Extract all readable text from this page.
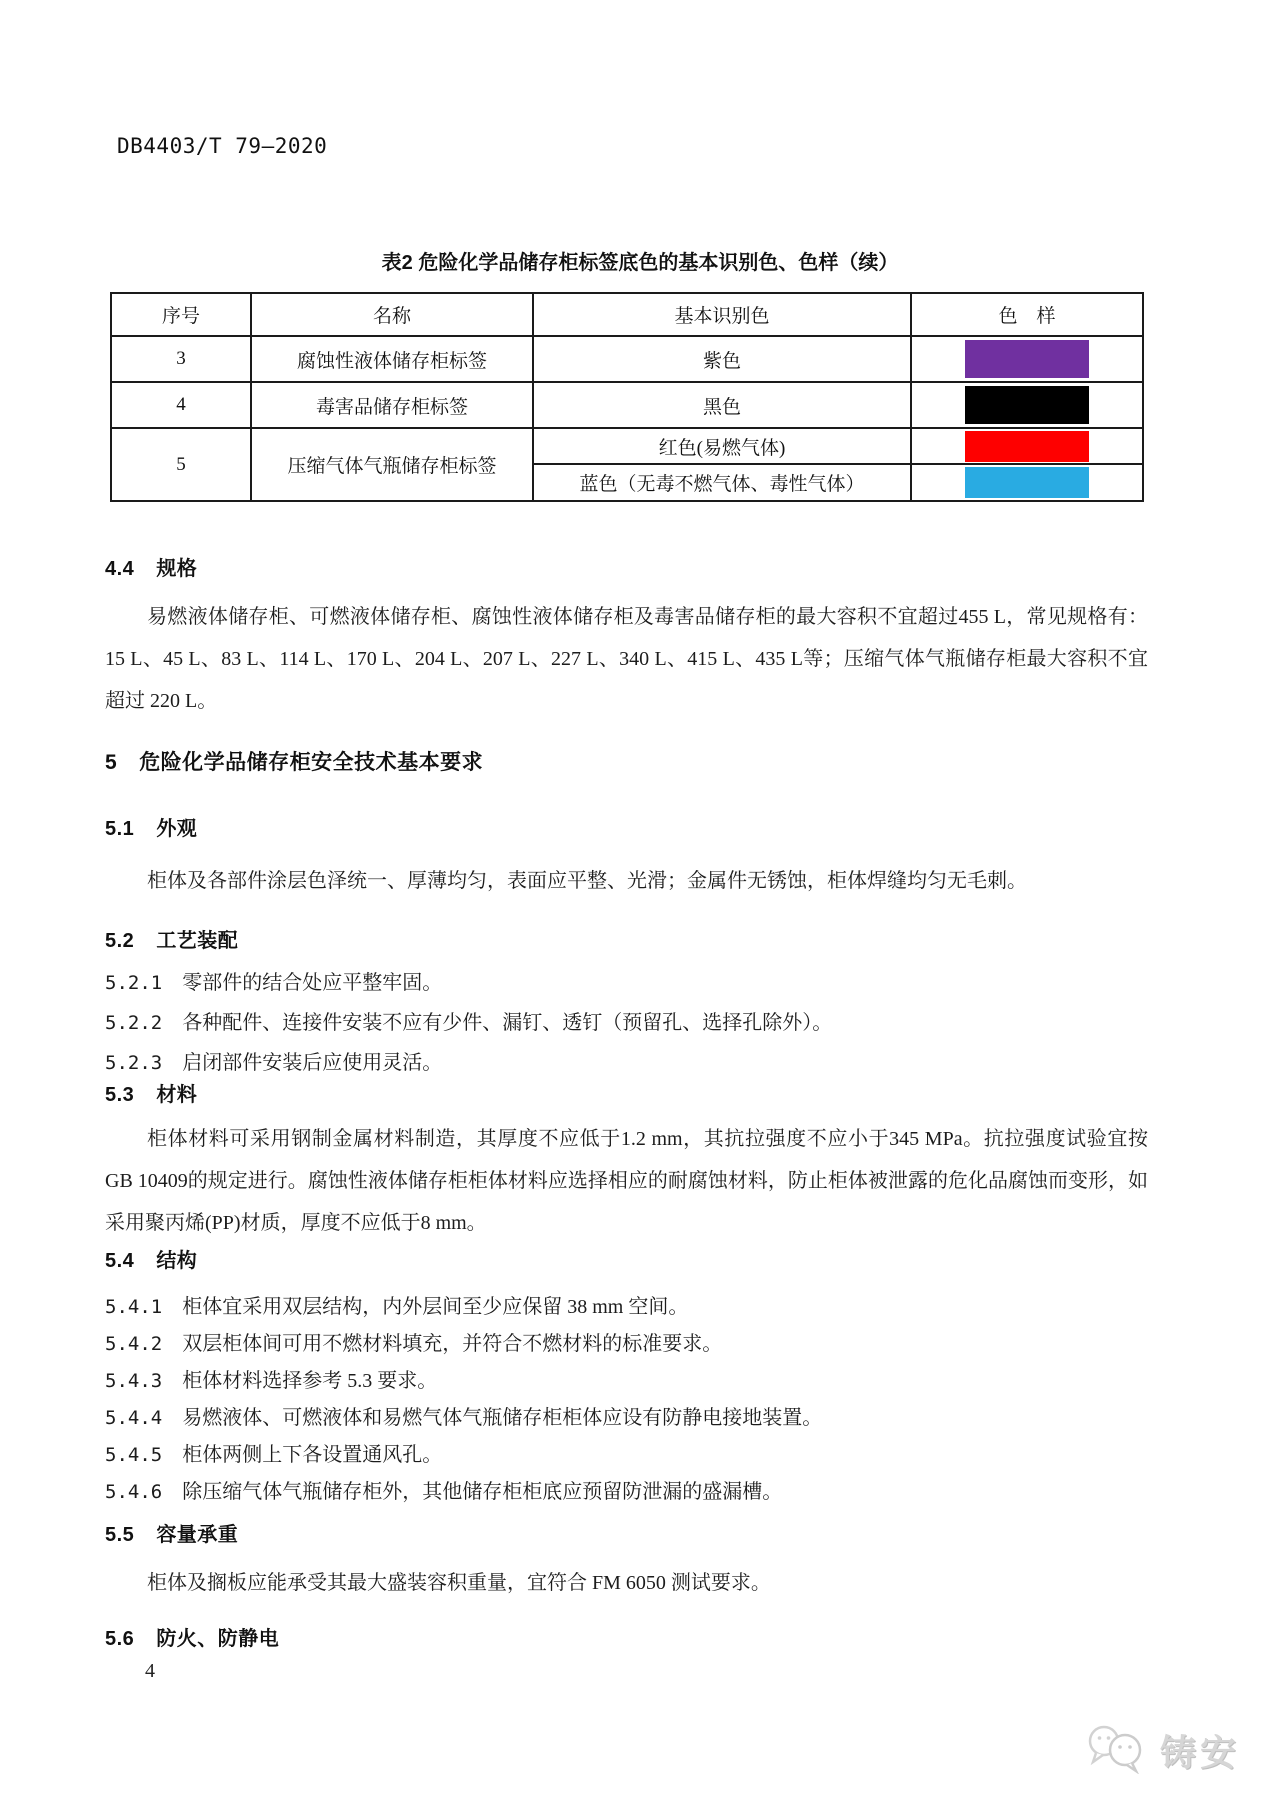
DB4403/T 79—2020
表2 危险化学品储存柜标签底色的基本识别色、色样（续）
序号	名称	基本识别色	色　样
3	腐蚀性液体储存柜标签	紫色	

4	毒害品储存柜标签	黑色	

5	压缩气体气瓶储存柜标签	红色(易燃气体)	

		蓝色（无毒不燃气体、毒性气体）	
4.4 规格
易燃液体储存柜、可燃液体储存柜、腐蚀性液体储存柜及毒害品储存柜的最大容积不宜超过455 L，常见规格有：15 L、45 L、83 L、114 L、170 L、204 L、207 L、227 L、340 L、415 L、435 L等；压缩气体气瓶储存柜最大容积不宜超过 220 L。
5 危险化学品储存柜安全技术基本要求
5.1 外观
柜体及各部件涂层色泽统一、厚薄均匀，表面应平整、光滑；金属件无锈蚀，柜体焊缝均匀无毛刺。
5.2 工艺装配
5.2.1 零部件的结合处应平整牢固。
5.2.2 各种配件、连接件安装不应有少件、漏钉、透钉（预留孔、选择孔除外）。
5.2.3 启闭部件安装后应使用灵活。
5.3 材料
柜体材料可采用钢制金属材料制造，其厚度不应低于1.2 mm，其抗拉强度不应小于345 MPa。抗拉强度试验宜按GB 10409的规定进行。腐蚀性液体储存柜柜体材料应选择相应的耐腐蚀材料，防止柜体被泄露的危化品腐蚀而变形，如采用聚丙烯(PP)材质，厚度不应低于8 mm。
5.4 结构
5.4.1 柜体宜采用双层结构，内外层间至少应保留 38 mm 空间。
5.4.2 双层柜体间可用不燃材料填充，并符合不燃材料的标准要求。
5.4.3 柜体材料选择参考 5.3 要求。
5.4.4 易燃液体、可燃液体和易燃气体气瓶储存柜柜体应设有防静电接地装置。
5.4.5 柜体两侧上下各设置通风孔。
5.4.6 除压缩气体气瓶储存柜外，其他储存柜柜底应预留防泄漏的盛漏槽。
5.5 容量承重
柜体及搁板应能承受其最大盛装容积重量，宜符合 FM 6050 测试要求。
5.6 防火、防静电
4
铸安
